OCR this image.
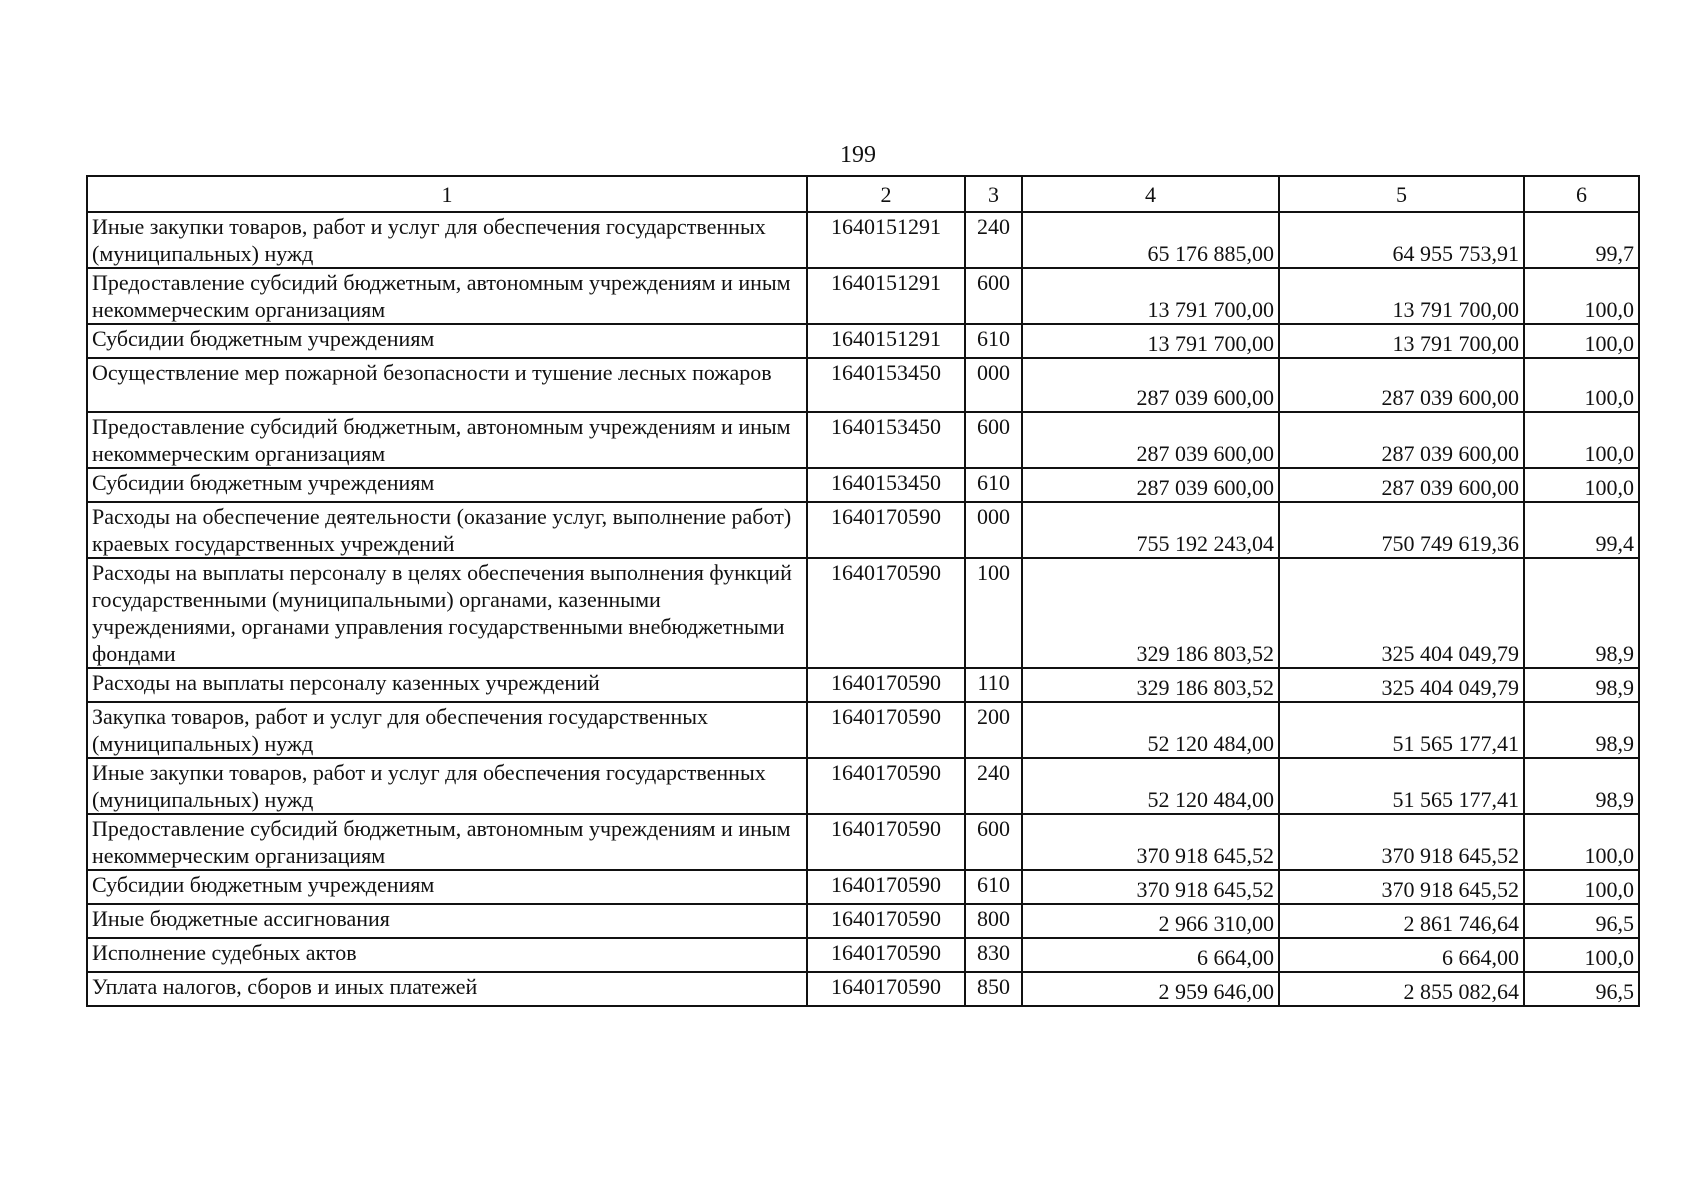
199
1	2	3	4	5	6
Иные закупки товаров, работ и услуг для обеспечения государственных (муниципальных) нужд	1640151291	240	65 176 885,00	64 955 753,91	99,7
Предоставление субсидий бюджетным, автономным учреждениям и иным некоммерческим организациям	1640151291	600	13 791 700,00	13 791 700,00	100,0
Субсидии бюджетным учреждениям	1640151291	610	13 791 700,00	13 791 700,00	100,0
Осуществление мер пожарной безопасности и тушение лесных пожаров	1640153450	000	287 039 600,00	287 039 600,00	100,0
Предоставление субсидий бюджетным, автономным учреждениям и иным некоммерческим организациям	1640153450	600	287 039 600,00	287 039 600,00	100,0
Субсидии бюджетным учреждениям	1640153450	610	287 039 600,00	287 039 600,00	100,0
Расходы на обеспечение деятельности (оказание услуг, выполнение работ) краевых государственных учреждений	1640170590	000	755 192 243,04	750 749 619,36	99,4
Расходы на выплаты персоналу в целях обеспечения выполнения функций государственными (муниципальными) органами, казенными учреждениями, органами управления государственными внебюджетными фондами	1640170590	100	329 186 803,52	325 404 049,79	98,9
Расходы на выплаты персоналу казенных учреждений	1640170590	110	329 186 803,52	325 404 049,79	98,9
Закупка товаров, работ и услуг для обеспечения государственных (муниципальных) нужд	1640170590	200	52 120 484,00	51 565 177,41	98,9
Иные закупки товаров, работ и услуг для обеспечения государственных (муниципальных) нужд	1640170590	240	52 120 484,00	51 565 177,41	98,9
Предоставление субсидий бюджетным, автономным учреждениям и иным некоммерческим организациям	1640170590	600	370 918 645,52	370 918 645,52	100,0
Субсидии бюджетным учреждениям	1640170590	610	370 918 645,52	370 918 645,52	100,0
Иные бюджетные ассигнования	1640170590	800	2 966 310,00	2 861 746,64	96,5
Исполнение судебных актов	1640170590	830	6 664,00	6 664,00	100,0
Уплата налогов, сборов и иных платежей	1640170590	850	2 959 646,00	2 855 082,64	96,5
